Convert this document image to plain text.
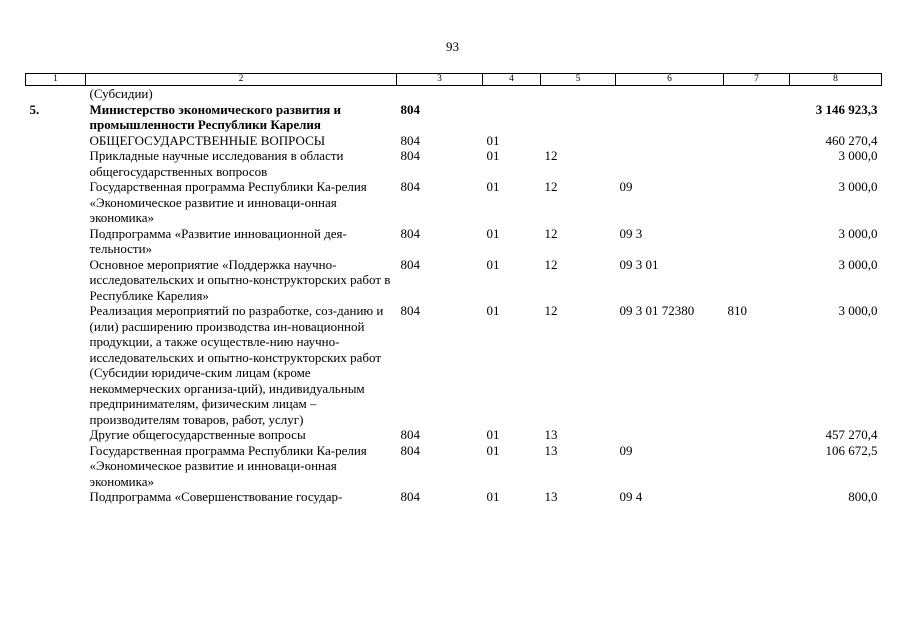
93
1	2	3	4	5	6	7	8
	(Субсидии)						
5.	Министерство экономического развития и промышленности Республики Карелия	804					3 146 923,3
	ОБЩЕГОСУДАРСТВЕННЫЕ ВОПРОСЫ	804	01				460 270,4
	Прикладные научные исследования в области общегосударственных вопросов	804	01	12			3 000,0
	Государственная программа Республики Ка-релия «Экономическое развитие и инноваци-онная экономика»	804	01	12	09		3 000,0
	Подпрограмма «Развитие инновационной дея-тельности»	804	01	12	09 3		3 000,0
	Основное мероприятие «Поддержка научно-исследовательских и опытно-конструкторских работ в Республике Карелия»	804	01	12	09 3 01		3 000,0
	Реализация мероприятий по разработке, соз-данию и (или) расширению производства ин-новационной продукции, а также осуществле-нию научно-исследовательских и опытно-конструкторских работ (Субсидии юридиче-ским лицам (кроме некоммерческих организа-ций), индивидуальным предпринимателям, физическим лицам – производителям товаров, работ, услуг)	804	01	12	09 3 01 72380	810	3 000,0
	Другие общегосударственные вопросы	804	01	13			457 270,4
	Государственная программа Республики Ка-релия «Экономическое развитие и инноваци-онная экономика»	804	01	13	09		106 672,5
	Подпрограмма «Совершенствование государ-	804	01	13	09 4		800,0
